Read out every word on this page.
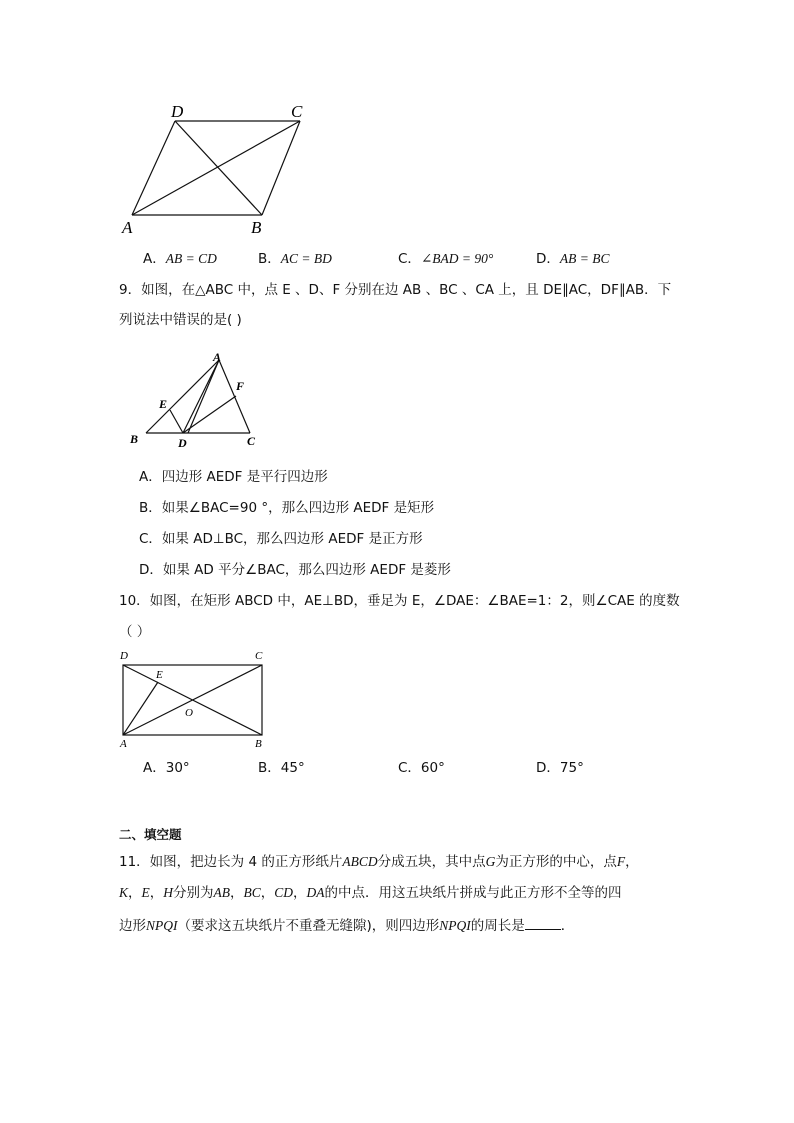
A	B
C
D
A．AB = CD	B．AC = BD	C．∠BAD = 90°	D．AB = BC
9．如图，在△ABC 中，点 E 、D、F 分别在边 AB 、BC 、CA 上，且 DE∥AC，DF∥AB．下
列说法中错误的是( )
A
B	C
D
E
F
A．四边形 AEDF 是平行四边形
B．如果∠BAC=90 °，那么四边形 AEDF 是矩形
C．如果 AD⊥BC，那么四边形 AEDF 是正方形
D．如果 AD 平分∠BAC，那么四边形 AEDF 是菱形
10．如图，在矩形 ABCD 中，AE⊥BD，垂足为 E，∠DAE：∠BAE=1：2，则∠CAE 的度数
（ ）
A	B
C
D
E
O
A．30°	B．45°	C．60°	D．75°
二、填空题
11．如图，把边长为 4 的正方形纸片ABCD分成五块，其中点G为正方形的中心，点F，
K，E，H分别为AB，BC，CD，DA的中点．用这五块纸片拼成与此正方形不全等的四
边形NPQI（要求这五块纸片不重叠无缝隙)，则四边形NPQI的周长是	．
